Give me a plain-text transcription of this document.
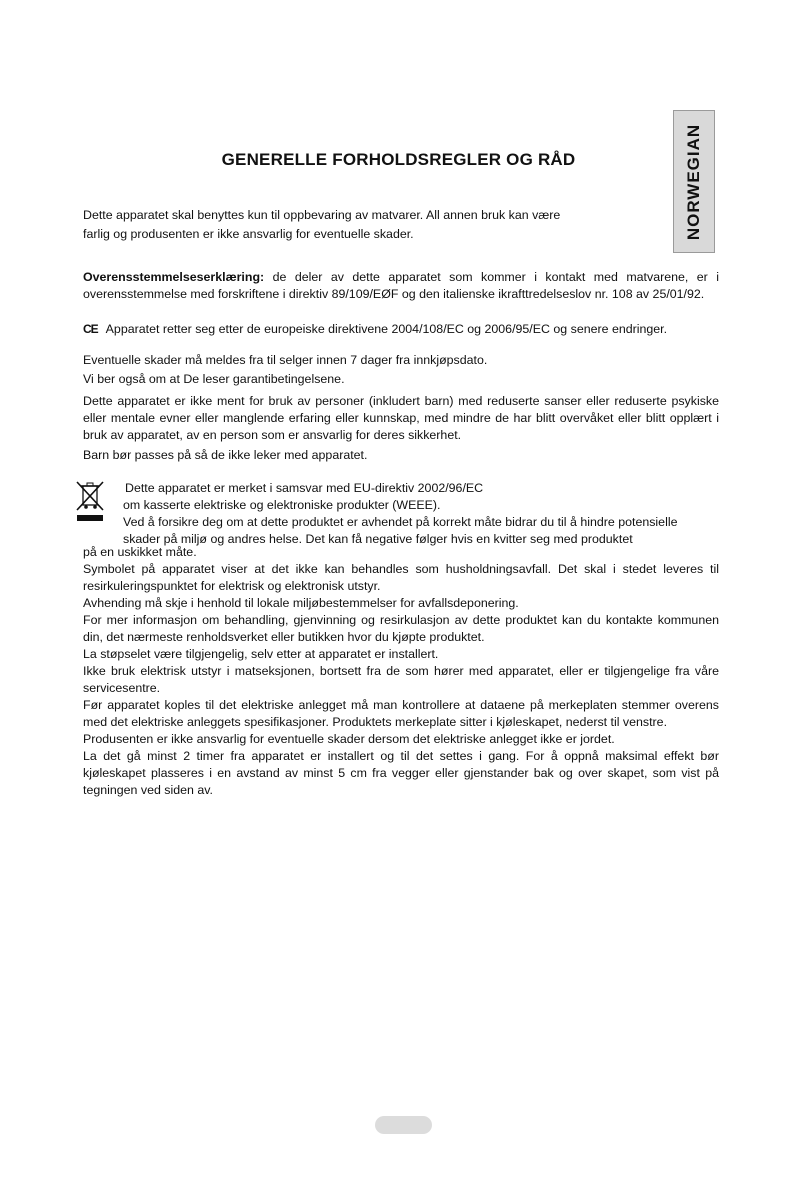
NORWEGIAN
GENERELLE FORHOLDSREGLER OG RÅD
Dette apparatet skal benyttes kun til oppbevaring av matvarer. All annen bruk kan være
farlig og produsenten er ikke ansvarlig for eventuelle skader.
Overensstemmelseserklæring: de deler av dette apparatet som kommer i kontakt med matvarene, er i overensstemmelse med forskriftene i direktiv 89/109/EØF og den italienske ikrafttredelseslov nr. 108 av 25/01/92.
CE Apparatet retter seg etter de europeiske direktivene 2004/108/EC og 2006/95/EC og senere endringer.
Eventuelle skader må meldes fra til selger innen 7 dager fra innkjøpsdato.
Vi ber også om at De leser garantibetingelsene.
Dette apparatet er ikke ment for bruk av personer (inkludert barn) med reduserte sanser eller reduserte psykiske eller mentale evner eller manglende erfaring eller kunnskap, med mindre de har blitt overvåket eller blitt opplært i bruk av apparatet, av en person som er ansvarlig for deres sikkerhet.
Barn bør passes på så de ikke leker med apparatet.
Dette apparatet er merket i samsvar med EU-direktiv 2002/96/EC
om kasserte elektriske og elektroniske produkter (WEEE).
Ved å forsikre deg om at dette produktet er avhendet på korrekt måte bidrar du til å hindre potensielle
skader på miljø og andres helse. Det kan få negative følger hvis en kvitter seg med produktet
på en uskikket måte.
Symbolet på apparatet viser at det ikke kan behandles som husholdningsavfall. Det skal i stedet leveres til resirkuleringspunktet for elektrisk og elektronisk utstyr.
Avhending må skje i henhold til lokale miljøbestemmelser for avfallsdeponering.
For mer informasjon om behandling, gjenvinning og resirkulasjon av dette produktet kan du kontakte kommunen din, det nærmeste renholdsverket eller butikken hvor du kjøpte produktet.
La støpselet være tilgjengelig, selv etter at apparatet er installert.
Ikke bruk elektrisk utstyr i matseksjonen, bortsett fra de som hører med apparatet, eller er tilgjengelige fra våre servicesentre.
Før apparatet koples til det elektriske anlegget må man kontrollere at dataene på merkeplaten stemmer overens med det elektriske anleggets spesifikasjoner. Produktets merkeplate sitter i kjøleskapet, nederst til venstre.
Produsenten er ikke ansvarlig for eventuelle skader dersom det elektriske anlegget ikke er jordet.
La det gå minst 2 timer fra apparatet er installert og til det settes i gang. For å oppnå maksimal effekt bør kjøleskapet plasseres i en avstand av minst 5 cm fra vegger eller gjenstander bak og over skapet, som vist på tegningen ved siden av.
